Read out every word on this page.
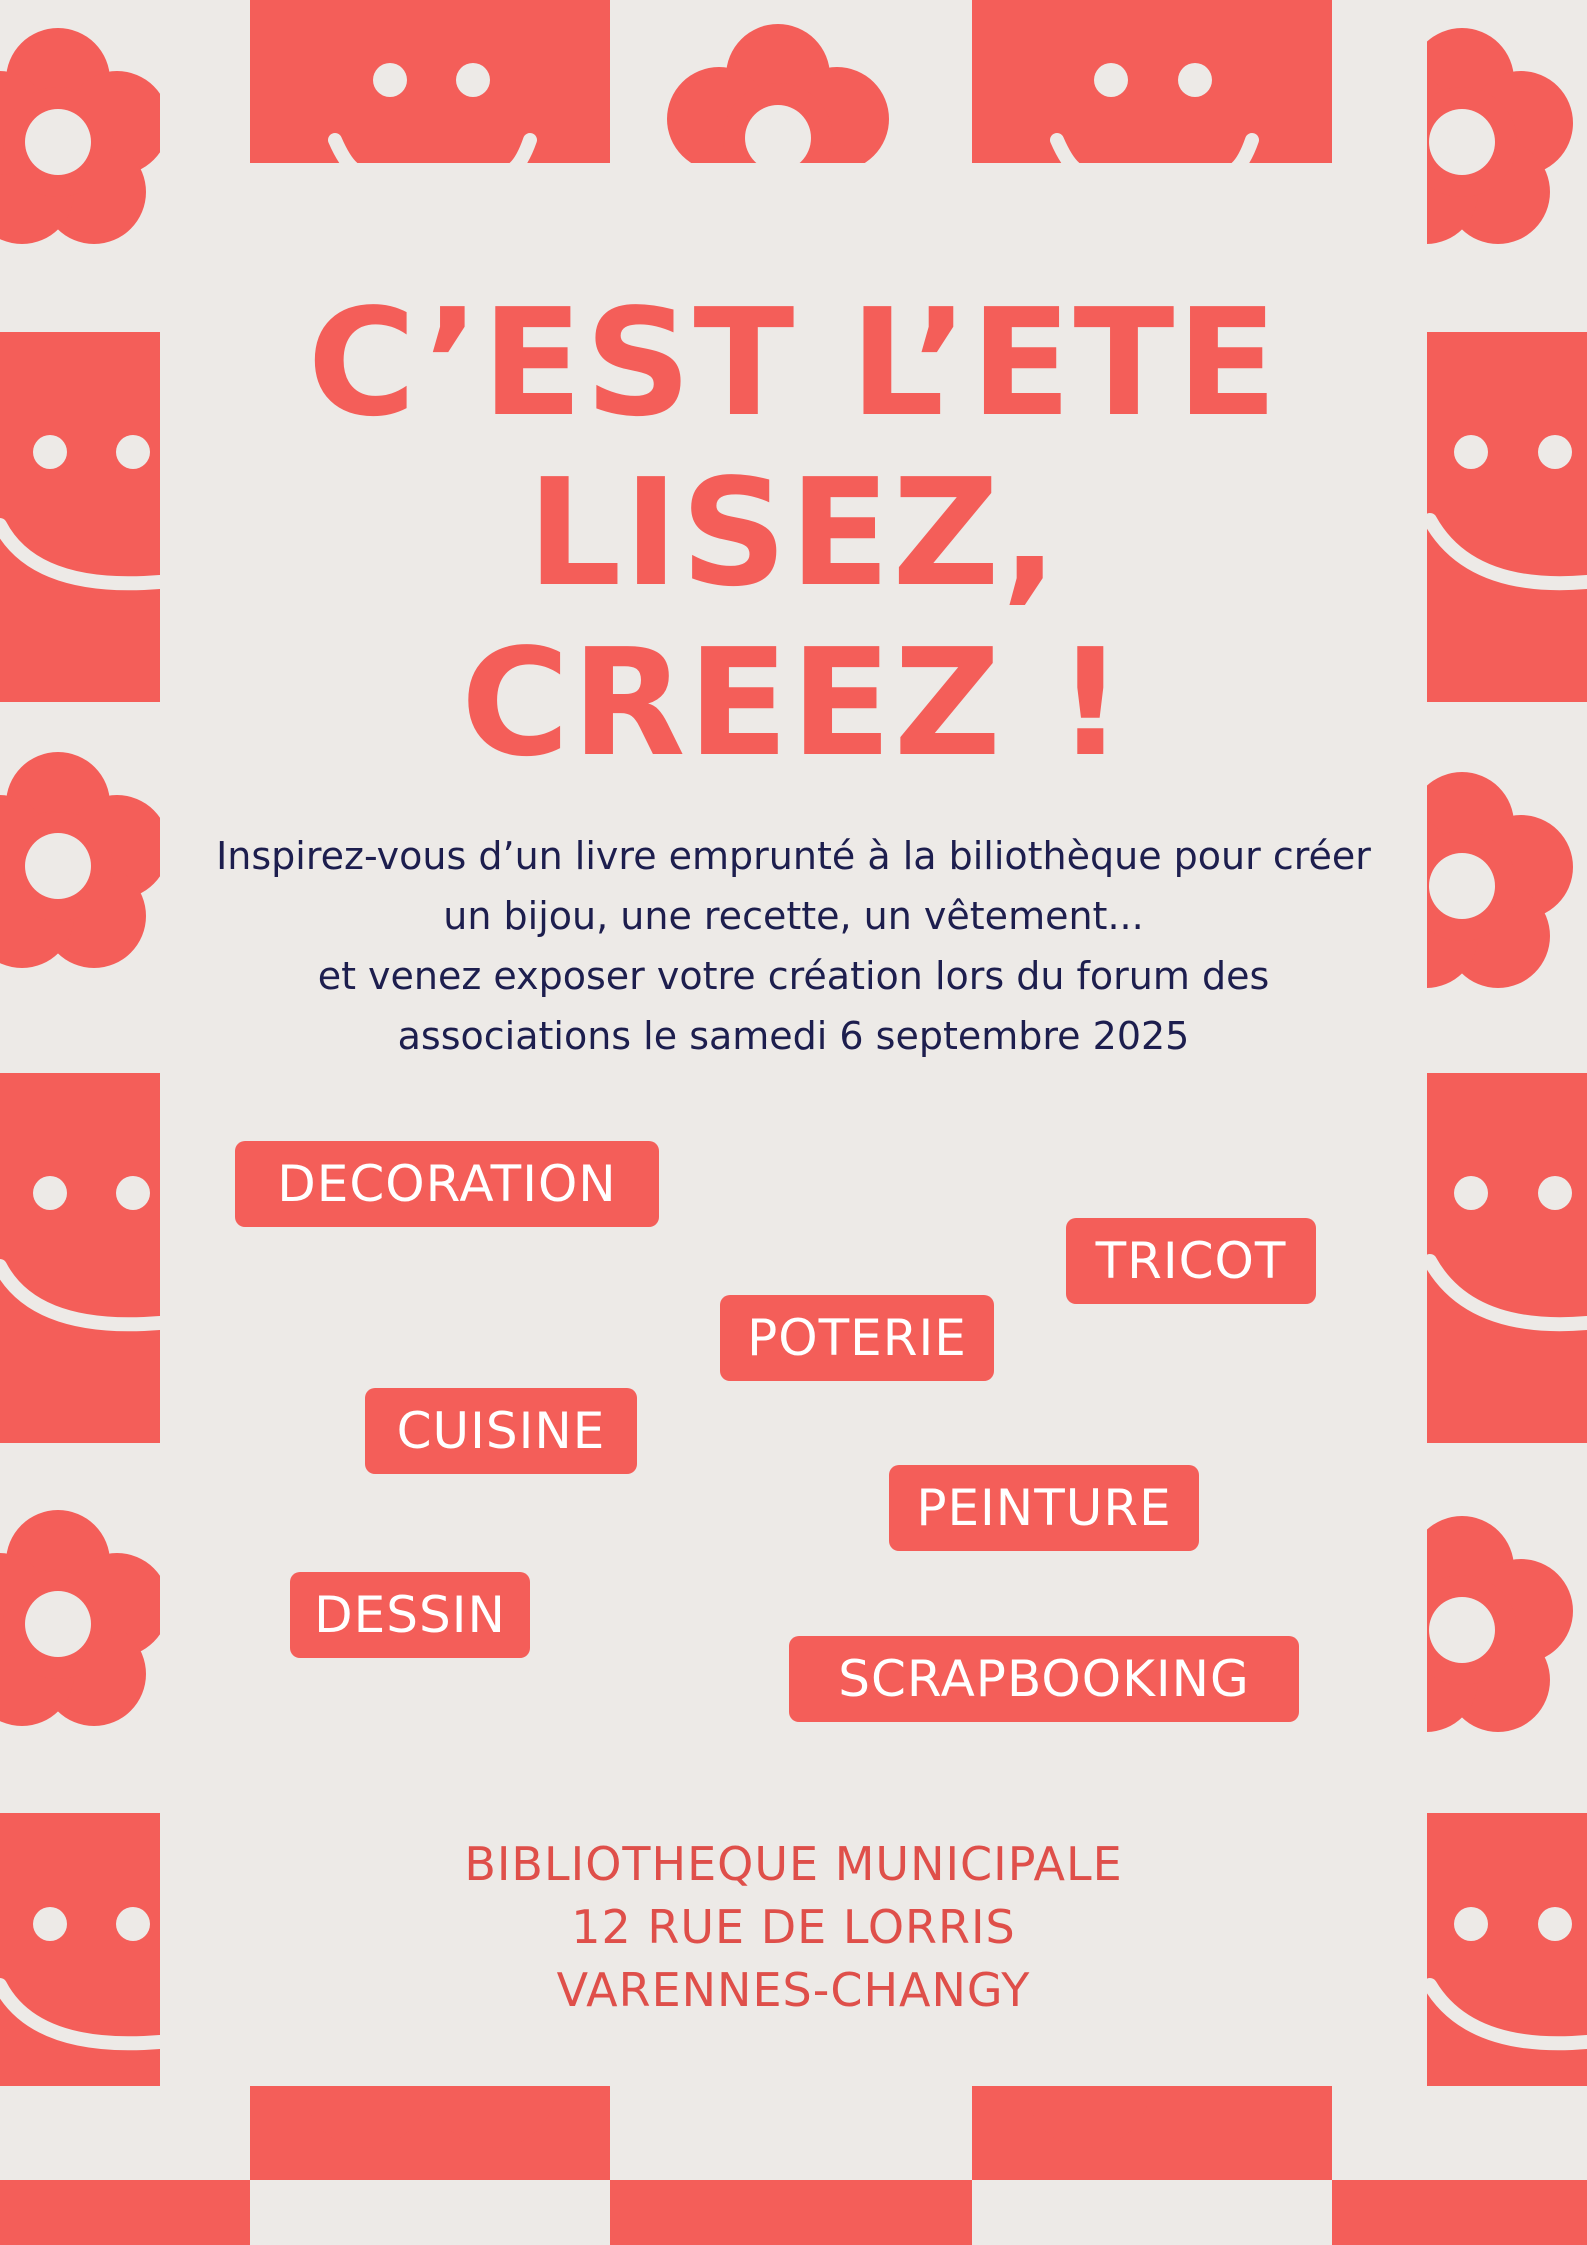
C’EST L’ETE
LISEZ,
CREEZ !
Inspirez-vous d’un livre emprunté à la biliothèque pour créer
un bijou, une recette, un vêtement...
et venez exposer votre création lors du forum des
associations le samedi 6 septembre 2025
DECORATION
TRICOT
POTERIE
CUISINE
PEINTURE
DESSIN
SCRAPBOOKING
BIBLIOTHEQUE MUNICIPALE
12 RUE DE LORRIS
VARENNES-CHANGY
